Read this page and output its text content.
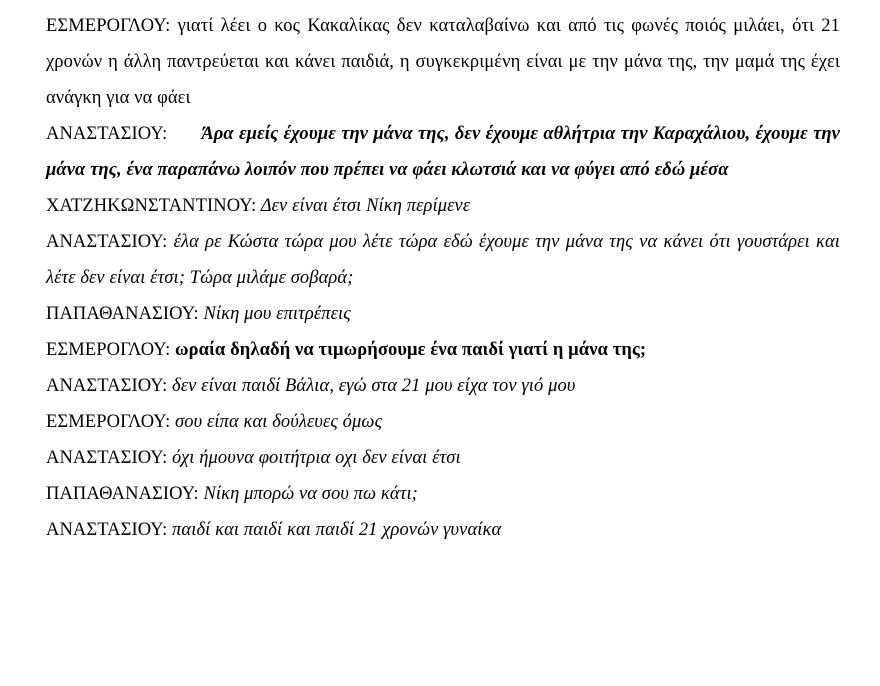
ΕΣΜΕΡΟΓΛΟΥ: γιατί λέει ο κος Κακαλίκας δεν καταλαβαίνω και από τις φωνές ποιός μιλάει, ότι 21 χρονών η άλλη παντρεύεται και κάνει παιδιά, η συγκεκριμένη είναι με την μάνα της, την μαμά της έχει ανάγκη για να φάει

ΑΝΑΣΤΑΣΙΟΥ: Άρα εμείς έχουμε την μάνα της, δεν έχουμε αθλήτρια την Καραχάλιου, έχουμε την μάνα της, ένα παραπάνω λοιπόν που πρέπει να φάει κλωτσιά και να φύγει από εδώ μέσα

ΧΑΤΖΗΚΩΝΣΤΑΝΤΙΝΟΥ: Δεν είναι έτσι Νίκη περίμενε

ΑΝΑΣΤΑΣΙΟΥ: έλα ρε Κώστα τώρα μου λέτε τώρα εδώ έχουμε την μάνα της να κάνει ότι γουστάρει και λέτε δεν είναι έτσι; Τώρα μιλάμε σοβαρά;

ΠΑΠΑΘΑΝΑΣΙΟΥ: Νίκη μου επιτρέπεις

ΕΣΜΕΡΟΓΛΟΥ: ωραία δηλαδή να τιμωρήσουμε ένα παιδί γιατί η μάνα της;

ΑΝΑΣΤΑΣΙΟΥ: δεν είναι παιδί Βάλια, εγώ στα 21 μου είχα τον γιό μου

ΕΣΜΕΡΟΓΛΟΥ: σου είπα και δούλευες όμως

ΑΝΑΣΤΑΣΙΟΥ: όχι ήμουνα φοιτήτρια οχι δεν είναι έτσι

ΠΑΠΑΘΑΝΑΣΙΟΥ: Νίκη μπορώ να σου πω κάτι;

ΑΝΑΣΤΑΣΙΟΥ: παιδί και παιδί και παιδί 21 χρονών γυναίκα
